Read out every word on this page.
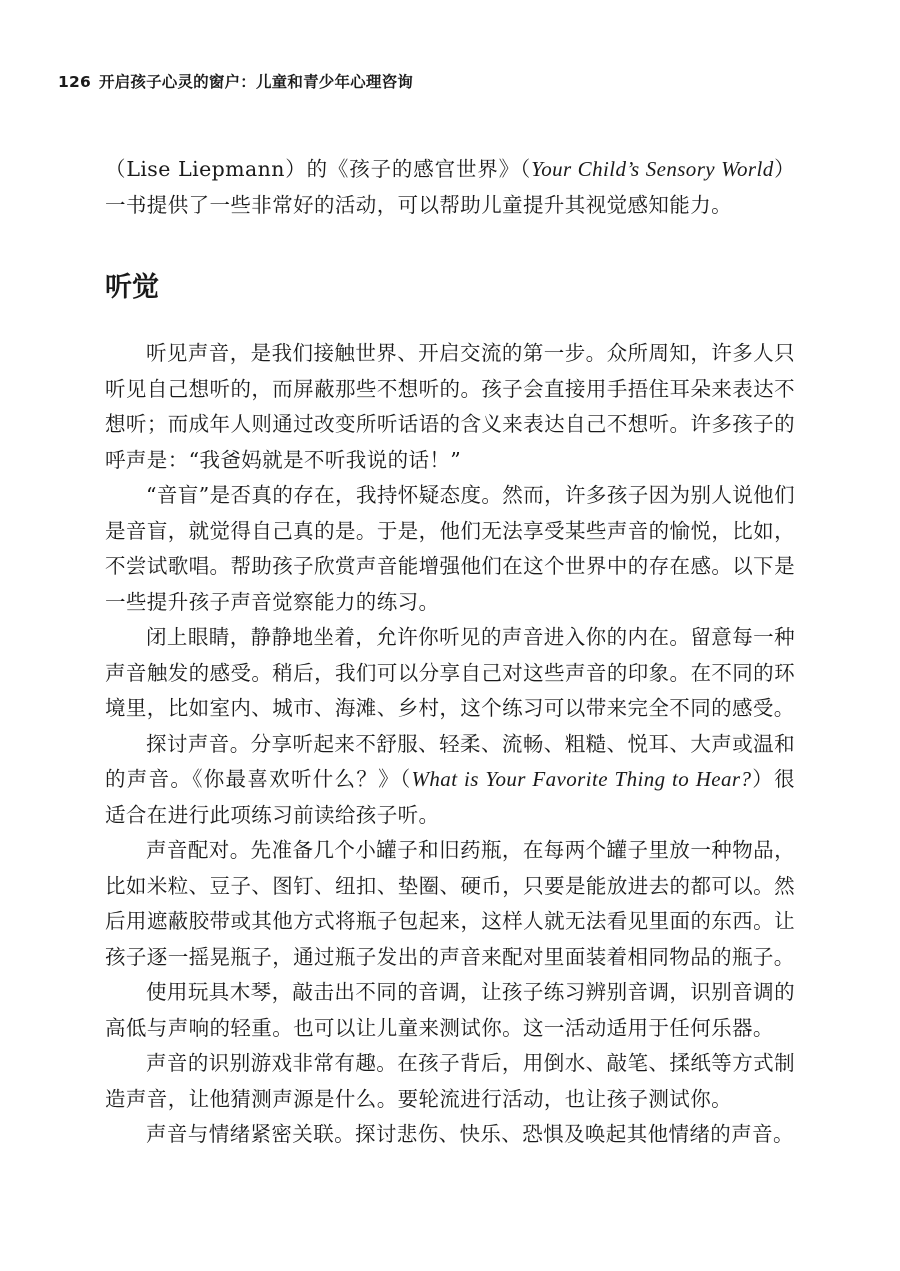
126 开启孩子心灵的窗户：儿童和青少年心理咨询

（Lise Liepmann）的《孩子的感官世界》（Your Child’s Sensory World）一书提供了一些非常好的活动，可以帮助儿童提升其视觉感知能力。

听觉

听见声音，是我们接触世界、开启交流的第一步。众所周知，许多人只听见自己想听的，而屏蔽那些不想听的。孩子会直接用手捂住耳朵来表达不想听；而成年人则通过改变所听话语的含义来表达自己不想听。许多孩子的呼声是：“我爸妈就是不听我说的话！”

“音盲”是否真的存在，我持怀疑态度。然而，许多孩子因为别人说他们是音盲，就觉得自己真的是。于是，他们无法享受某些声音的愉悦，比如，不尝试歌唱。帮助孩子欣赏声音能增强他们在这个世界中的存在感。以下是一些提升孩子声音觉察能力的练习。

闭上眼睛，静静地坐着，允许你听见的声音进入你的内在。留意每一种声音触发的感受。稍后，我们可以分享自己对这些声音的印象。在不同的环境里，比如室内、城市、海滩、乡村，这个练习可以带来完全不同的感受。

探讨声音。分享听起来不舒服、轻柔、流畅、粗糙、悦耳、大声或温和的声音。《你最喜欢听什么？》（What is Your Favorite Thing to Hear?）很适合在进行此项练习前读给孩子听。

声音配对。先准备几个小罐子和旧药瓶，在每两个罐子里放一种物品，比如米粒、豆子、图钉、纽扣、垫圈、硬币，只要是能放进去的都可以。然后用遮蔽胶带或其他方式将瓶子包起来，这样人就无法看见里面的东西。让孩子逐一摇晃瓶子，通过瓶子发出的声音来配对里面装着相同物品的瓶子。

使用玩具木琴，敲击出不同的音调，让孩子练习辨别音调，识别音调的高低与声响的轻重。也可以让儿童来测试你。这一活动适用于任何乐器。

声音的识别游戏非常有趣。在孩子背后，用倒水、敲笔、揉纸等方式制造声音，让他猜测声源是什么。要轮流进行活动，也让孩子测试你。

声音与情绪紧密关联。探讨悲伤、快乐、恐惧及唤起其他情绪的声音。
